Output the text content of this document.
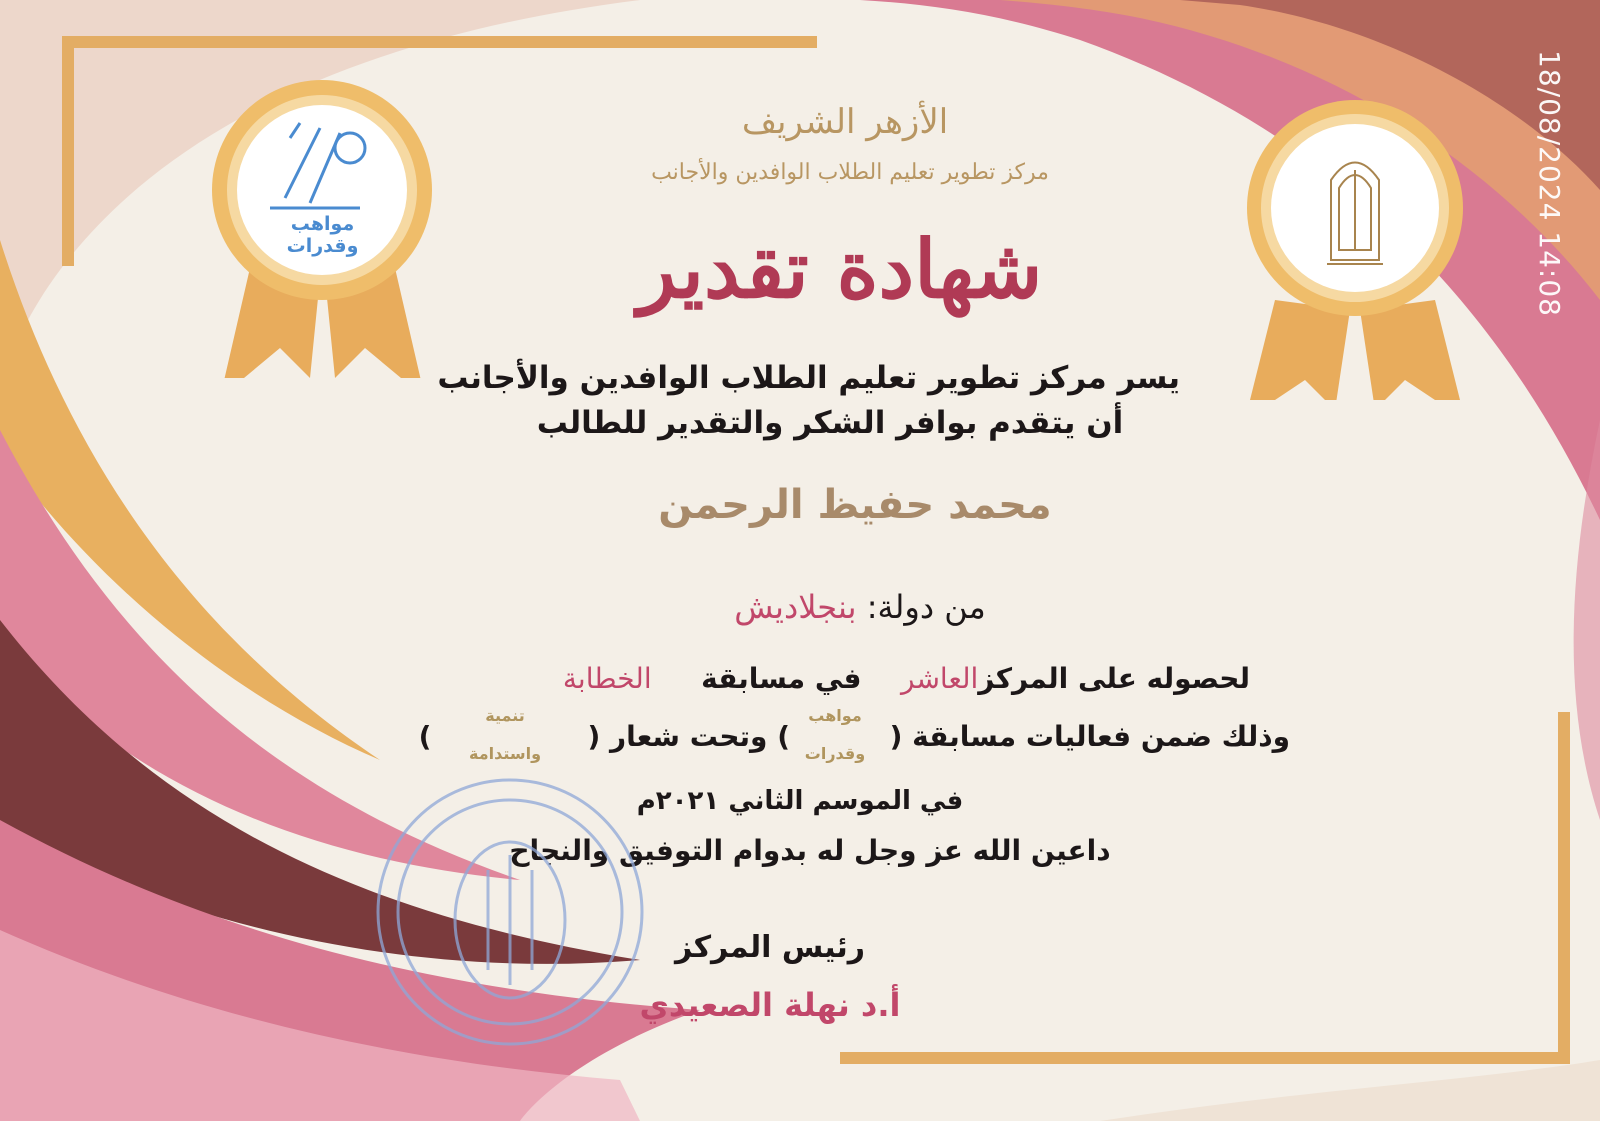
مواهب
وقدرات
الأزهر الشريف
مركز تطوير تعليم الطلاب الوافدين والأجانب
شهادة تقدير
يسر مركز تطوير تعليم الطلاب الوافدين والأجانب
أن يتقدم بوافر الشكر والتقدير للطالب
محمد حفيظ الرحمن
من دولة: بنجلاديش
لحصوله على المركزالعاشر  في مسابقة  الخطابة
وذلك ضمن فعاليات مسابقة (
مواهب
وقدرات
) وتحت شعار (
تنمية
واستدامة
)
في الموسم الثاني ٢٠٢١م
داعين الله عز وجل له بدوام التوفيق والنجاح
رئيس المركز
أ.د نهلة الصعيدي
18/08/2024 14:08
